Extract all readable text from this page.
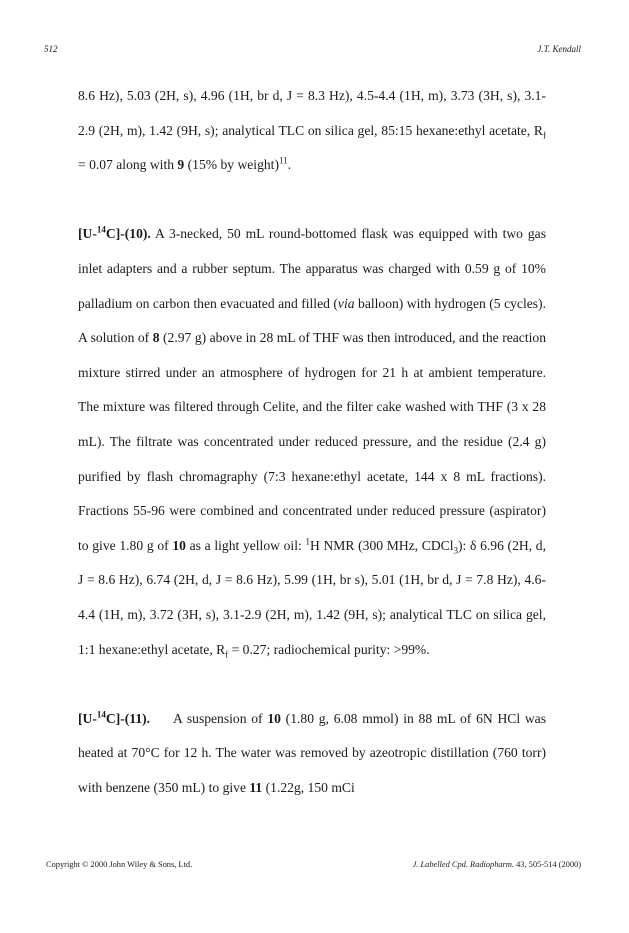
512	J.T. Kendall

8.6 Hz), 5.03 (2H, s), 4.96 (1H, br d, J = 8.3 Hz), 4.5-4.4 (1H, m), 3.73 (3H, s), 3.1-2.9 (2H, m), 1.42 (9H, s); analytical TLC on silica gel, 85:15 hexane:ethyl acetate, $R_f = 0.07$ along with 9 (15% by weight)$^{11}$.

[U-$^{14}$C]-(10). A 3-necked, 50 mL round-bottomed flask was equipped with two gas inlet adapters and a rubber septum. The apparatus was charged with 0.59 g of 10% palladium on carbon then evacuated and filled (via balloon) with hydrogen (5 cycles). A solution of 8 (2.97 g) above in 28 mL of THF was then introduced, and the reaction mixture stirred under an atmosphere of hydrogen for 21 h at ambient temperature. The mixture was filtered through Celite, and the filter cake washed with THF (3 x 28 mL). The filtrate was concentrated under reduced pressure, and the residue (2.4 g) purified by flash chromagraphy (7:3 hexane:ethyl acetate, 144 x 8 mL fractions). Fractions 55-96 were combined and concentrated under reduced pressure (aspirator) to give 1.80 g of 10 as a light yellow oil: $^1$H NMR (300 MHz, CDCl$_3$): δ 6.96 (2H, d, J = 8.6 Hz), 6.74 (2H, d, J = 8.6 Hz), 5.99 (1H, br s), 5.01 (1H, br d, J = 7.8 Hz), 4.6-4.4 (1H, m), 3.72 (3H, s), 3.1-2.9 (2H, m), 1.42 (9H, s); analytical TLC on silica gel, 1:1 hexane:ethyl acetate, $R_f = 0.27$; radiochemical purity: >99%.

[U-$^{14}$C]-(11).     A suspension of 10 (1.80 g, 6.08 mmol) in 88 mL of 6N HCl was heated at 70°C for 12 h. The water was removed by azeotropic distillation (760 torr) with benzene (350 mL) to give 11 (1.22g, 150 mCi

Copyright © 2000 John Wiley & Sons, Ltd.	J. Labelled Cpd. Radiopharm. 43, 505-514 (2000)
